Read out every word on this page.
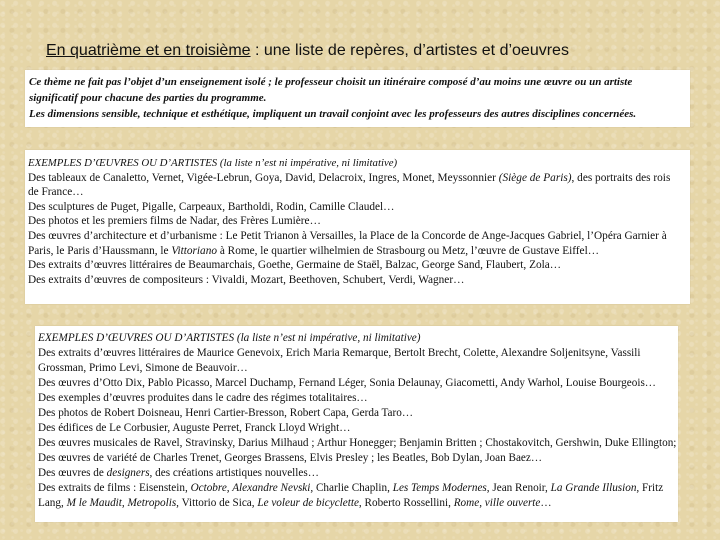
En quatrième et en troisième : une liste de repères, d’artistes et d’oeuvres
Ce thème ne fait pas l’objet d’un enseignement isolé ; le professeur choisit un itinéraire composé d’au moins une œuvre ou un artiste
significatif pour chacune des parties du programme.
Les dimensions sensible, technique et esthétique, impliquent un travail conjoint avec les professeurs des autres disciplines concernées.
EXEMPLES D’ŒUVRES OU D’ARTISTES (la liste n’est ni impérative, ni limitative)
Des tableaux de Canaletto, Vernet, Vigée-Lebrun, Goya, David, Delacroix, Ingres, Monet, Meyssonnier (Siège de Paris), des portraits des rois
de France…
Des sculptures de Puget, Pigalle, Carpeaux, Bartholdi, Rodin, Camille Claudel…
Des photos et les premiers films de Nadar, des Frères Lumière…
Des œuvres d’architecture et d’urbanisme : Le Petit Trianon à Versailles, la Place de la Concorde de Ange-Jacques Gabriel, l’Opéra Garnier à
Paris, le Paris d’Haussmann, le Vittoriano à Rome, le quartier wilhelmien de Strasbourg ou Metz, l’œuvre de Gustave Eiffel…
Des extraits d’œuvres littéraires de Beaumarchais, Goethe, Germaine de Staël, Balzac, George Sand, Flaubert, Zola…
Des extraits d’œuvres de compositeurs : Vivaldi, Mozart, Beethoven, Schubert, Verdi, Wagner…
EXEMPLES D’ŒUVRES OU D’ARTISTES (la liste n’est ni impérative, ni limitative)
Des extraits d’œuvres littéraires de Maurice Genevoix, Erich Maria Remarque, Bertolt Brecht, Colette, Alexandre Soljenitsyne, Vassili
Grossman, Primo Levi, Simone de Beauvoir…
Des œuvres d’Otto Dix, Pablo Picasso, Marcel Duchamp, Fernand Léger, Sonia Delaunay, Giacometti, Andy Warhol, Louise Bourgeois…
Des exemples d’œuvres produites dans le cadre des régimes totalitaires…
Des photos de Robert Doisneau, Henri Cartier-Bresson, Robert Capa, Gerda Taro…
Des édifices de Le Corbusier, Auguste Perret, Franck Lloyd Wright…
Des œuvres musicales de Ravel, Stravinsky, Darius Milhaud ; Arthur Honegger; Benjamin Britten ; Chostakovitch, Gershwin, Duke Ellington;
Des œuvres de variété de Charles Trenet, Georges Brassens, Elvis Presley ; les Beatles, Bob Dylan, Joan Baez…
Des œuvres de designers, des créations artistiques nouvelles…
Des extraits de films : Eisenstein, Octobre, Alexandre Nevski, Charlie Chaplin, Les Temps Modernes, Jean Renoir, La Grande Illusion, Fritz
Lang, M le Maudit, Metropolis, Vittorio de Sica, Le voleur de bicyclette, Roberto Rossellini, Rome, ville ouverte…
